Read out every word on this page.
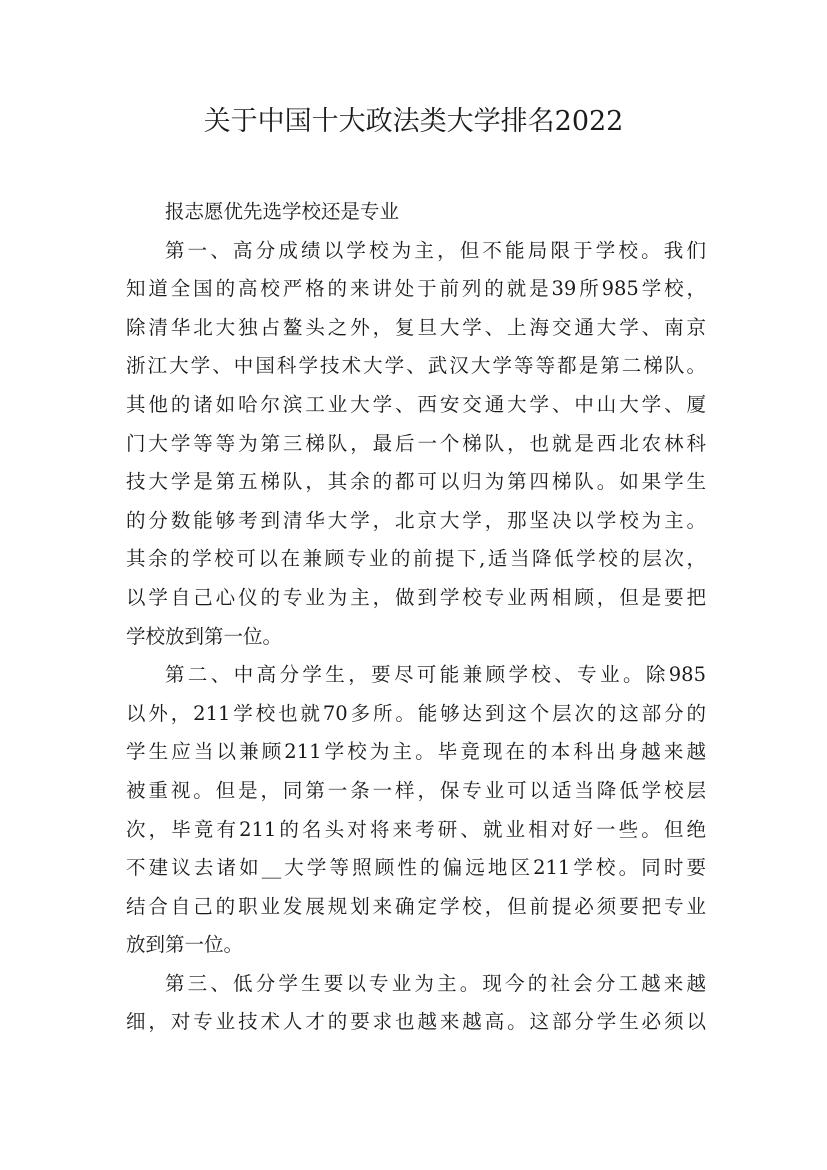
关于中国十大政法类大学排名2022

报志愿优先选学校还是专业

第一、高分成绩以学校为主，但不能局限于学校。我们

知道全国的高校严格的来讲处于前列的就是39所985学校，

除清华北大独占鳌头之外，复旦大学、上海交通大学、南京

浙江大学、中国科学技术大学、武汉大学等等都是第二梯队。

其他的诸如哈尔滨工业大学、西安交通大学、中山大学、厦

门大学等等为第三梯队，最后一个梯队，也就是西北农林科

技大学是第五梯队，其余的都可以归为第四梯队。如果学生

的分数能够考到清华大学，北京大学，那坚决以学校为主。

其余的学校可以在兼顾专业的前提下,适当降低学校的层次，

以学自己心仪的专业为主，做到学校专业两相顾，但是要把

学校放到第一位。

第二、中高分学生，要尽可能兼顾学校、专业。除985

以外，211学校也就70多所。能够达到这个层次的这部分的

学生应当以兼顾211学校为主。毕竟现在的本科出身越来越

被重视。但是，同第一条一样，保专业可以适当降低学校层

次，毕竟有211的名头对将来考研、就业相对好一些。但绝

不建议去诸如__大学等照顾性的偏远地区211学校。同时要

结合自己的职业发展规划来确定学校，但前提必须要把专业

放到第一位。

第三、低分学生要以专业为主。现今的社会分工越来越

细，对专业技术人才的要求也越来越高。这部分学生必须以
